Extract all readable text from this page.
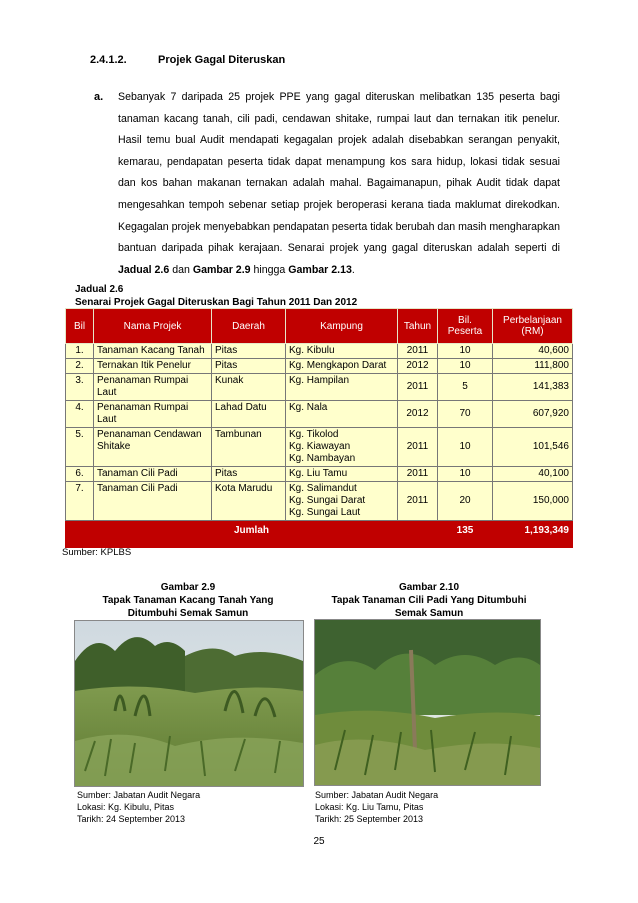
2.4.1.2.	Projek Gagal Diteruskan
a. Sebanyak 7 daripada 25 projek PPE yang gagal diteruskan melibatkan 135 peserta bagi tanaman kacang tanah, cili padi, cendawan shitake, rumpai laut dan ternakan itik penelur. Hasil temu bual Audit mendapati kegagalan projek adalah disebabkan serangan penyakit, kemarau, pendapatan peserta tidak dapat menampung kos sara hidup, lokasi tidak sesuai dan kos bahan makanan ternakan adalah mahal. Bagaimanapun, pihak Audit tidak dapat mengesahkan tempoh sebenar setiap projek beroperasi kerana tiada maklumat direkodkan. Kegagalan projek menyebabkan pendapatan peserta tidak berubah dan masih mengharapkan bantuan daripada pihak kerajaan. Senarai projek yang gagal diteruskan adalah seperti di Jadual 2.6 dan Gambar 2.9 hingga Gambar 2.13.
Jadual 2.6
Senarai Projek Gagal Diteruskan Bagi Tahun 2011 Dan 2012
Bil	Nama Projek	Daerah	Kampung	Tahun	Bil. Peserta	Perbelanjaan (RM)
1.	Tanaman Kacang Tanah	Pitas	Kg. Kibulu	2011	10	40,600
2.	Ternakan Itik Penelur	Pitas	Kg. Mengkapon Darat	2012	10	111,800
3.	Penanaman Rumpai Laut	Kunak	Kg. Hampilan	2011	5	141,383
4.	Penanaman Rumpai Laut	Lahad Datu	Kg. Nala	2012	70	607,920
5.	Penanaman Cendawan Shitake	Tambunan	Kg. Tikolod
Kg. Kiawayan
Kg. Nambayan	2011	10	101,546
6.	Tanaman Cili Padi	Pitas	Kg. Liu Tamu	2011	10	40,100
7.	Tanaman Cili Padi	Kota Marudu	Kg. Salimandut
Kg. Sungai Darat
Kg. Sungai Laut	2011	20	150,000
Jumlah					135	1,193,349

Sumber: KPLBS
Gambar 2.9
Tapak Tanaman Kacang Tanah Yang Ditumbuhi Semak Samun
Sumber: Jabatan Audit Negara
Lokasi: Kg. Kibulu, Pitas
Tarikh: 24 September 2013
Gambar 2.10
Tapak Tanaman Cili Padi Yang Ditumbuhi Semak Samun
Sumber: Jabatan Audit Negara
Lokasi: Kg. Liu Tamu, Pitas
Tarikh: 25 September 2013
25
